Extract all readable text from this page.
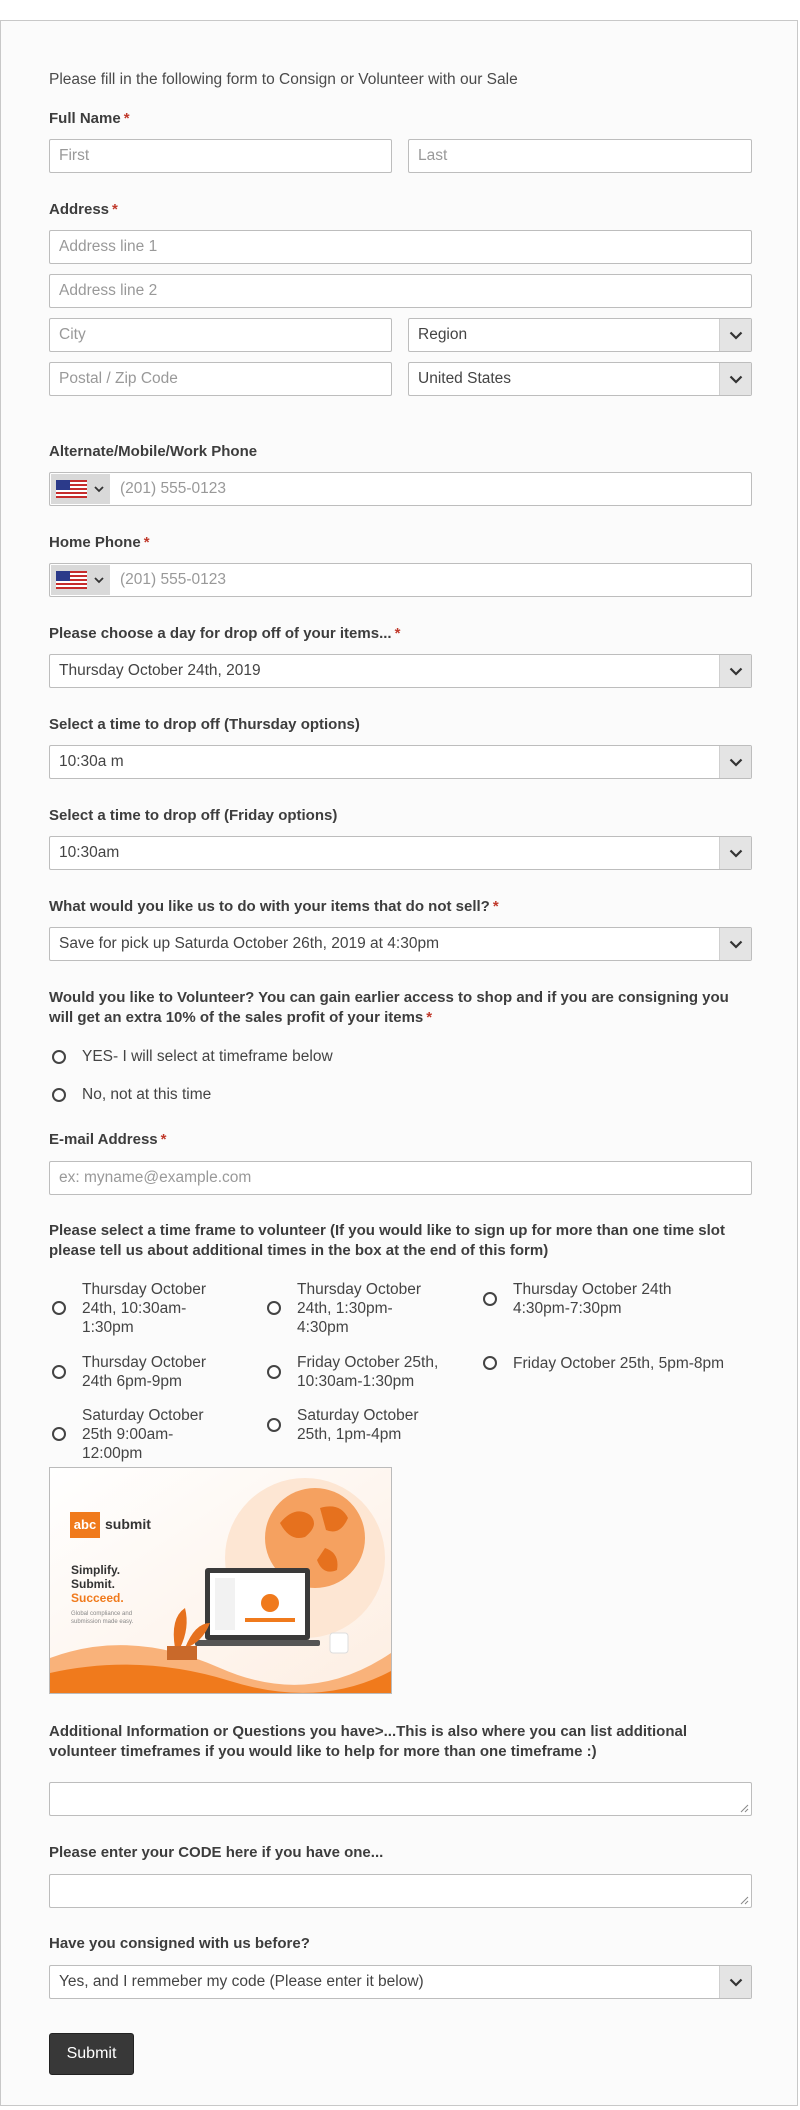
Please fill in the following form to Consign or Volunteer with our Sale
Full Name *
First	Last
Address *
Address line 1
Address line 2
City	Region
Postal / Zip Code	United States
Alternate/Mobile/Work Phone
(201) 555-0123
Home Phone *
(201) 555-0123
Please choose a day for drop off of your items... *
Thursday October 24th, 2019
Select a time to drop off (Thursday options)
10:30a m
Select a time to drop off (Friday options)
10:30am
What would you like us to do with your items that do not sell? *
Save for pick up Saturda October 26th, 2019 at 4:30pm
Would you like to Volunteer? You can gain earlier access to shop and if you are consigning you
will get an extra 10% of the sales profit of your items *
YES- I will select at timeframe below
No, not at this time
E-mail Address *
ex: myname@example.com
Please select a time frame to volunteer (If you would like to sign up for more than one time slot
please tell us about additional times in the box at the end of this form)
Thursday October
24th, 10:30am-
1:30pm
Thursday October
24th, 1:30pm-
4:30pm
Thursday October 24th
4:30pm-7:30pm
Thursday October
24th 6pm-9pm
Friday October 25th,
10:30am-1:30pm
Friday October 25th, 5pm-8pm
Saturday October
25th 9:00am-
12:00pm
Saturday October
25th, 1pm-4pm
abc submit
Simplify.
Submit.
Succeed.
Global compliance and submission made easy.
Additional Information or Questions you have>...This is also where you can list additional
volunteer timeframes if you would like to help for more than one timeframe :)
Please enter your CODE here if you have one...
Have you consigned with us before?
Yes, and I remmeber my code (Please enter it below)
Submit
